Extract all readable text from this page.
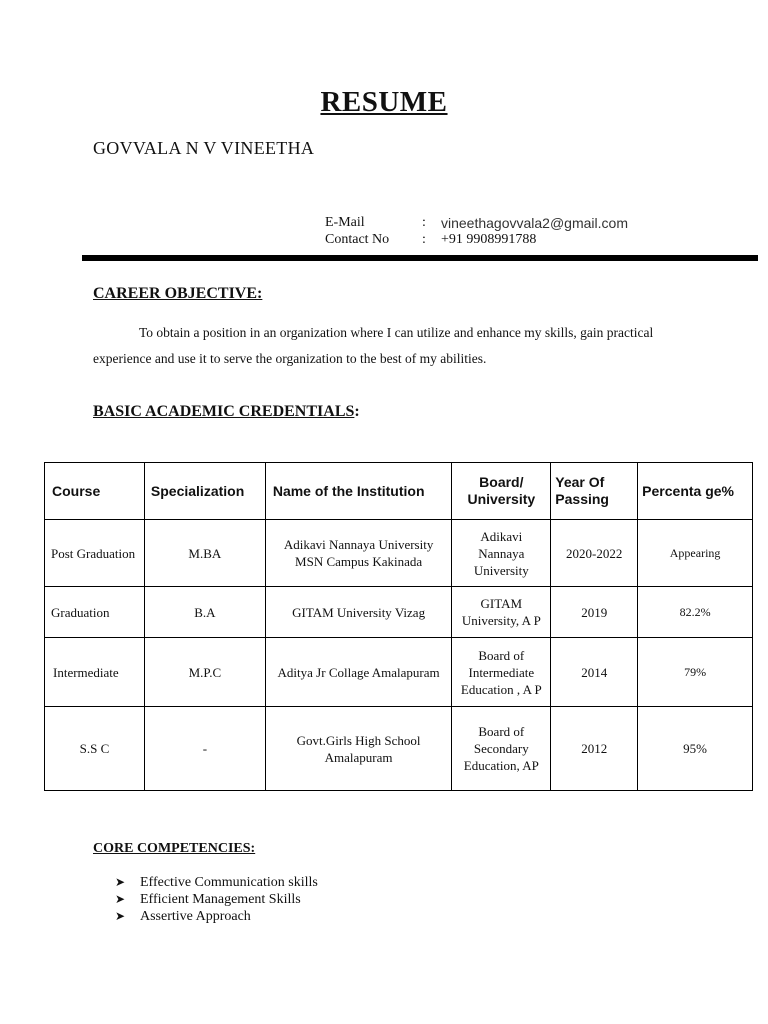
RESUME
GOVVALA N V VINEETHA
E-Mail	: vineethagovvala2@gmail.com
Contact No : +91 9908991788
CAREER OBJECTIVE:
To obtain a position in an organization where I can utilize and enhance my skills, gain practical experience and use it to serve the organization to the best of my abilities.
BASIC ACADEMIC CREDENTIALS:
Course	Specialization	Name of the Institution	Board/ University	Year Of Passing	Percenta ge%
Post Graduation	M.BA	Adikavi Nannaya University MSN Campus Kakinada	Adikavi Nannaya University	2020-2022	Appearing
Graduation	B.A	GITAM University Vizag	GITAM University, A P	2019	82.2%
Intermediate	M.P.C	Aditya Jr Collage Amalapuram	Board of Intermediate Education , A P	2014	79%
S.S C	-	Govt.Girls High School Amalapuram	Board of Secondary Education, AP	2012	95%
CORE COMPETENCIES:
➤ Effective Communication skills
➤ Efficient Management Skills
➤ Assertive Approach
